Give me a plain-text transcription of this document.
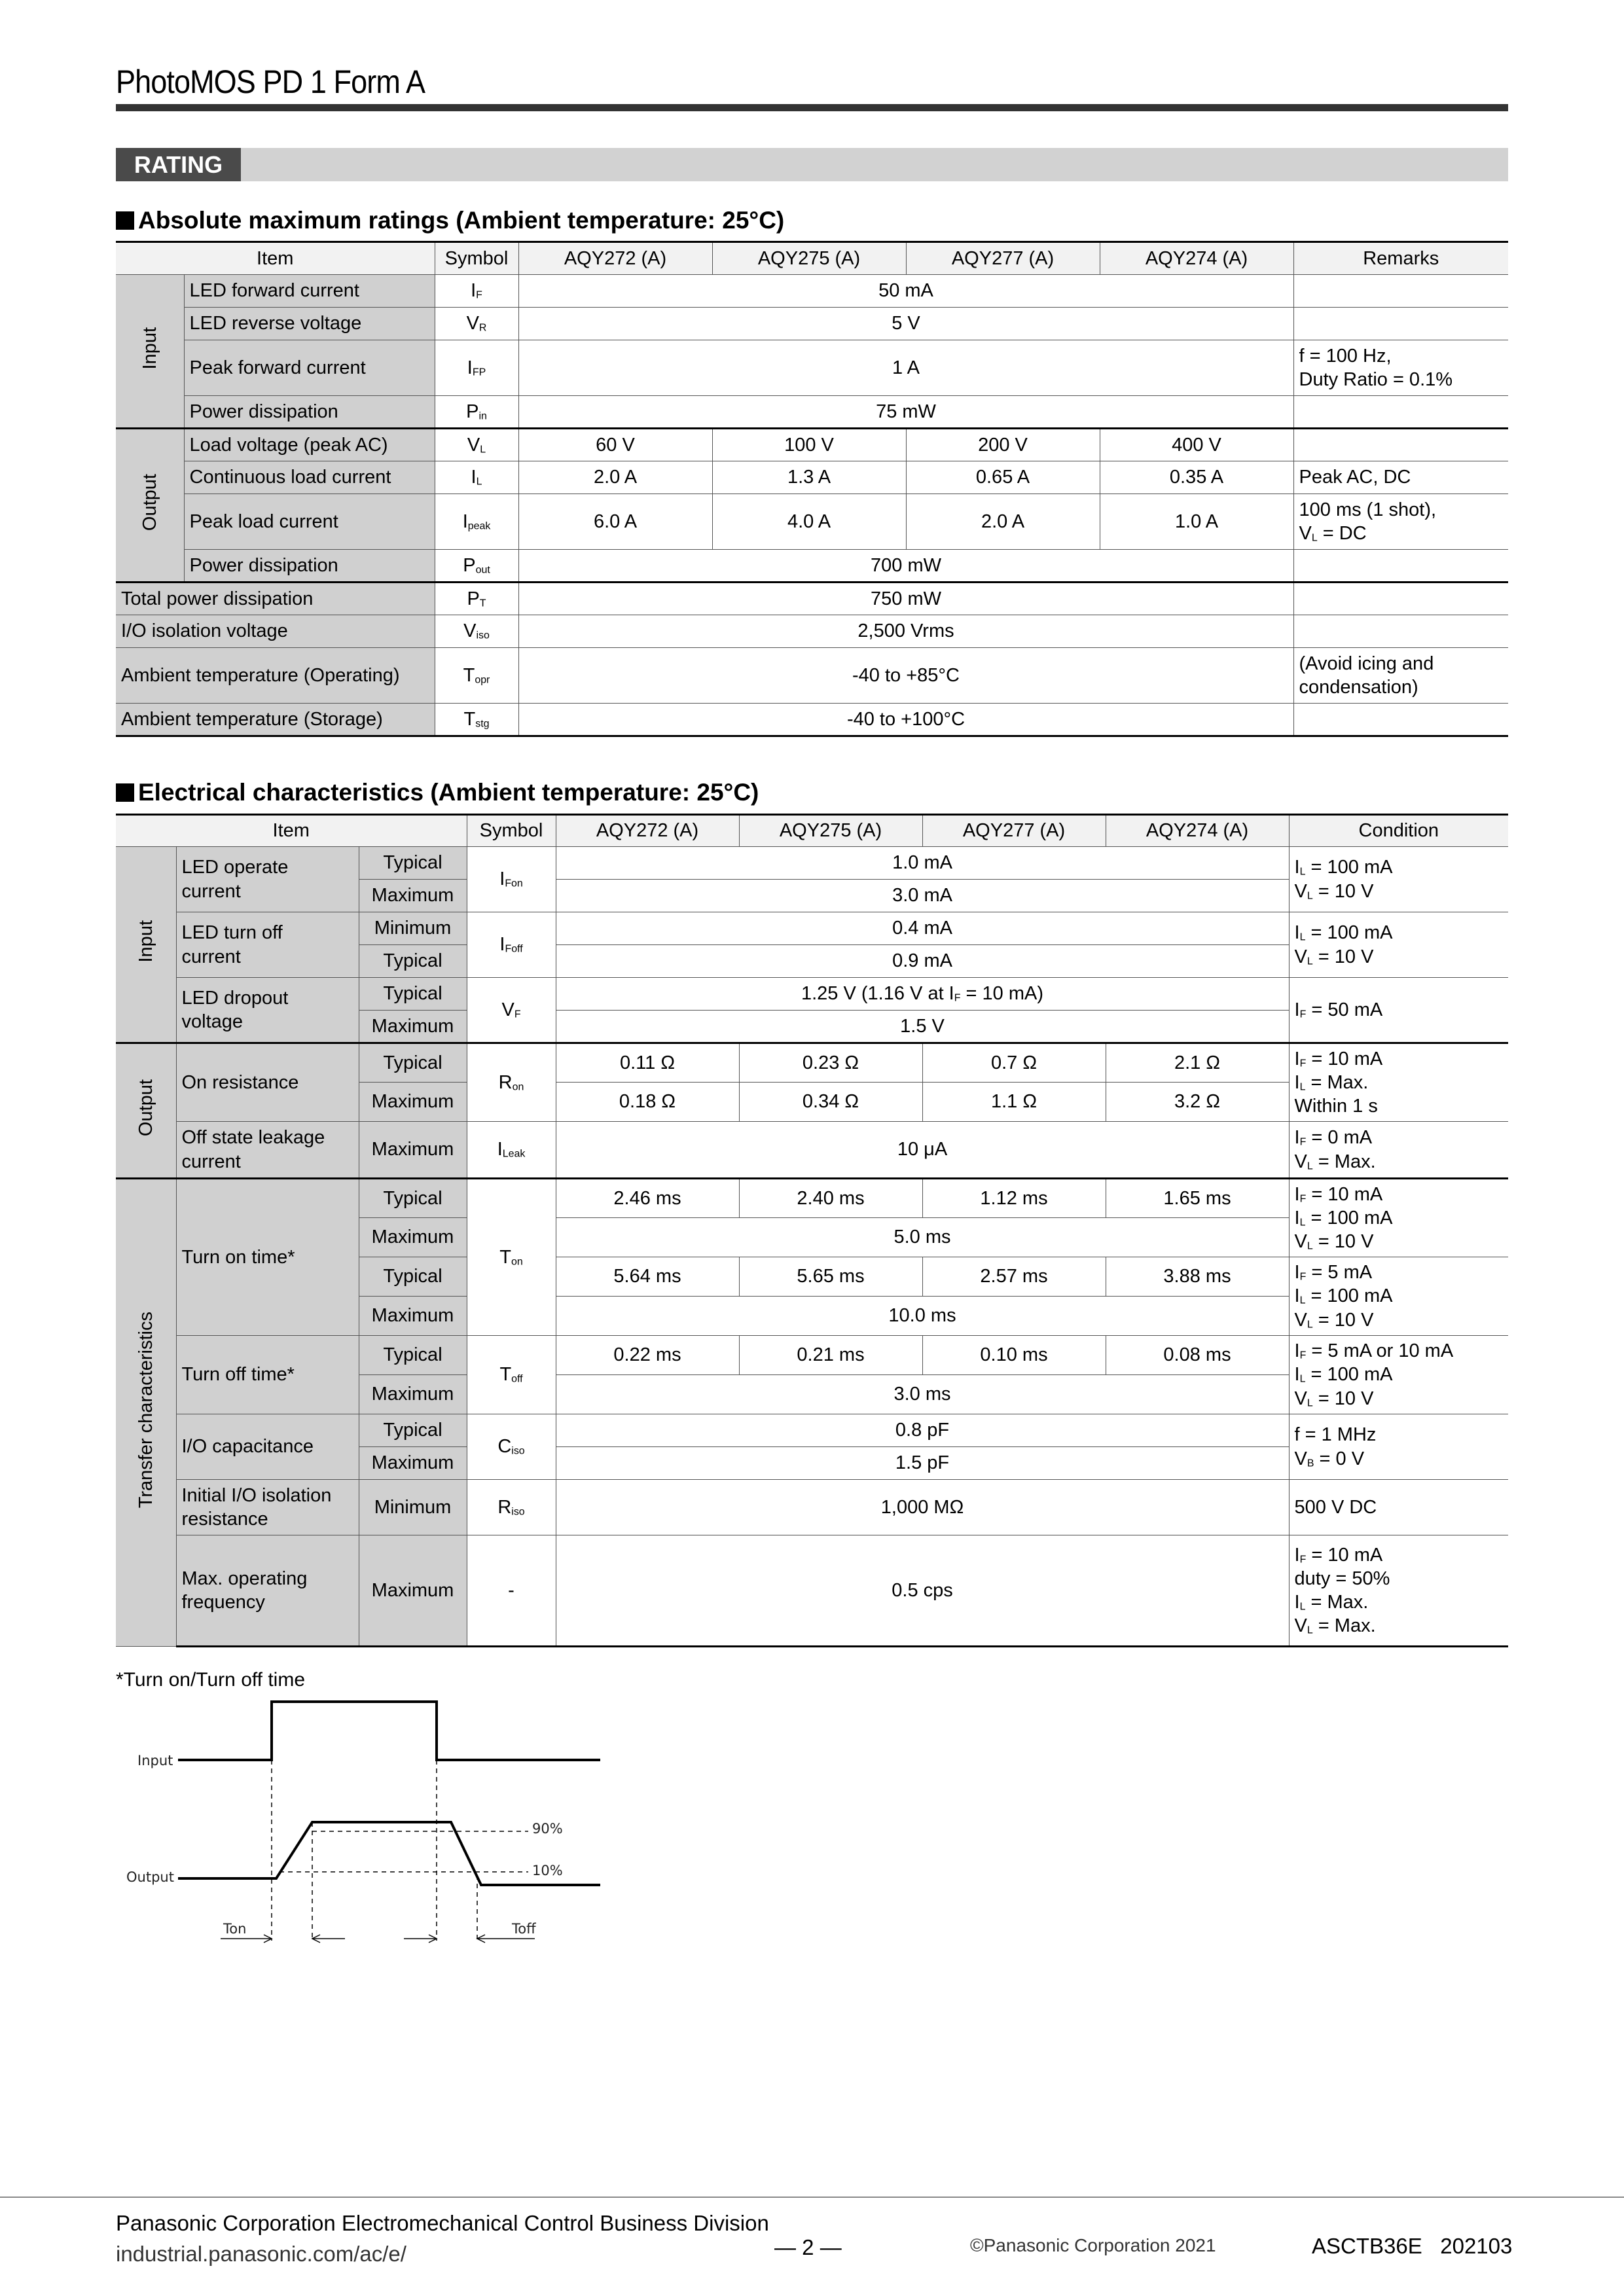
PhotoMOS PD 1 Form A
RATING
Absolute maximum ratings (Ambient temperature: 25°C)
Item		Symbol	AQY272 (A)	AQY275 (A)	AQY277 (A)	AQY274 (A)	Remarks
Input	LED forward current	$I_F$	50 mA				
	LED reverse voltage	$V_R$	5 V				
	Peak forward current	$I_{FP}$	1 A				f = 100 Hz,
Duty Ratio = 0.1%
	Power dissipation	$P_{in}$	75 mW				
Output	Load voltage (peak AC)	$V_L$	60 V	100 V	200 V	400 V	
	Continuous load current	$I_L$	2.0 A	1.3 A	0.65 A	0.35 A	Peak AC, DC
	Peak load current	$I_{peak}$	6.0 A	4.0 A	2.0 A	1.0 A	100 ms (1 shot),
$V_L$ = DC
	Power dissipation	$P_{out}$	700 mW				
Total power dissipation		$P_T$	750 mW				
I/O isolation voltage		$V_{iso}$	2,500 Vrms				
Ambient temperature (Operating)		$T_{opr}$	-40 to +85°C				(Avoid icing and
condensation)
Ambient temperature (Storage)		$T_{stg}$	-40 to +100°C				
Electrical characteristics (Ambient temperature: 25°C)
Item			Symbol	AQY272 (A)	AQY275 (A)	AQY277 (A)	AQY274 (A)	Condition
Input	LED operate
current	Typical	$I_{Fon}$	1.0 mA				$I_L = 100$ mA
$V_L = 10$ V
		Maximum		3.0 mA				
	LED turn off
current	Minimum	$I_{Foff}$	0.4 mA				$I_L = 100$ mA
$V_L = 10$ V
		Typical		0.9 mA				
	LED dropout
voltage	Typical	$V_F$	1.25 V (1.16 V at $I_F = 10$ mA)				$I_F = 50$ mA
		Maximum		1.5 V				
Output	On resistance	Typical	$R_{on}$	0.11 Ω	0.23 Ω	0.7 Ω	2.1 Ω	$I_F = 10$ mA
$I_L$ = Max.
Within 1 s
		Maximum		0.18 Ω	0.34 Ω	1.1 Ω	3.2 Ω	
	Off state leakage
current	Maximum	$I_{Leak}$	10 μA				$I_F = 0$ mA
$V_L$ = Max.
Transfer characteristics	Turn on time*	Typical	$T_{on}$	2.46 ms	2.40 ms	1.12 ms	1.65 ms	$I_F = 10$ mA
$I_L = 100$ mA
$V_L = 10$ V
		Maximum		5.0 ms				
		Typical		5.64 ms	5.65 ms	2.57 ms	3.88 ms	$I_F = 5$ mA
$I_L = 100$ mA
$V_L = 10$ V
		Maximum		10.0 ms				
	Turn off time*	Typical	$T_{off}$	0.22 ms	0.21 ms	0.10 ms	0.08 ms	$I_F = 5$ mA or 10 mA
$I_L = 100$ mA
$V_L = 10$ V
		Maximum		3.0 ms				
	I/O capacitance	Typical	$C_{iso}$	0.8 pF				f = 1 MHz
$V_B = 0$ V
		Maximum		1.5 pF				
	Initial I/O isolation
resistance	Minimum	$R_{iso}$	1,000 MΩ				500 V DC
	Max. operating
frequency	Maximum	-	0.5 cps				$I_F = 10$ mA
duty = 50%
$I_L$ = Max.
$V_L$ = Max.
*Turn on/Turn off time
Input
Output
90%
10%
Ton	Toff
Panasonic Corporation Electromechanical Control Business Division
industrial.panasonic.com/ac/e/	— 2 —	©Panasonic Corporation 2021	ASCTB36E   202103
